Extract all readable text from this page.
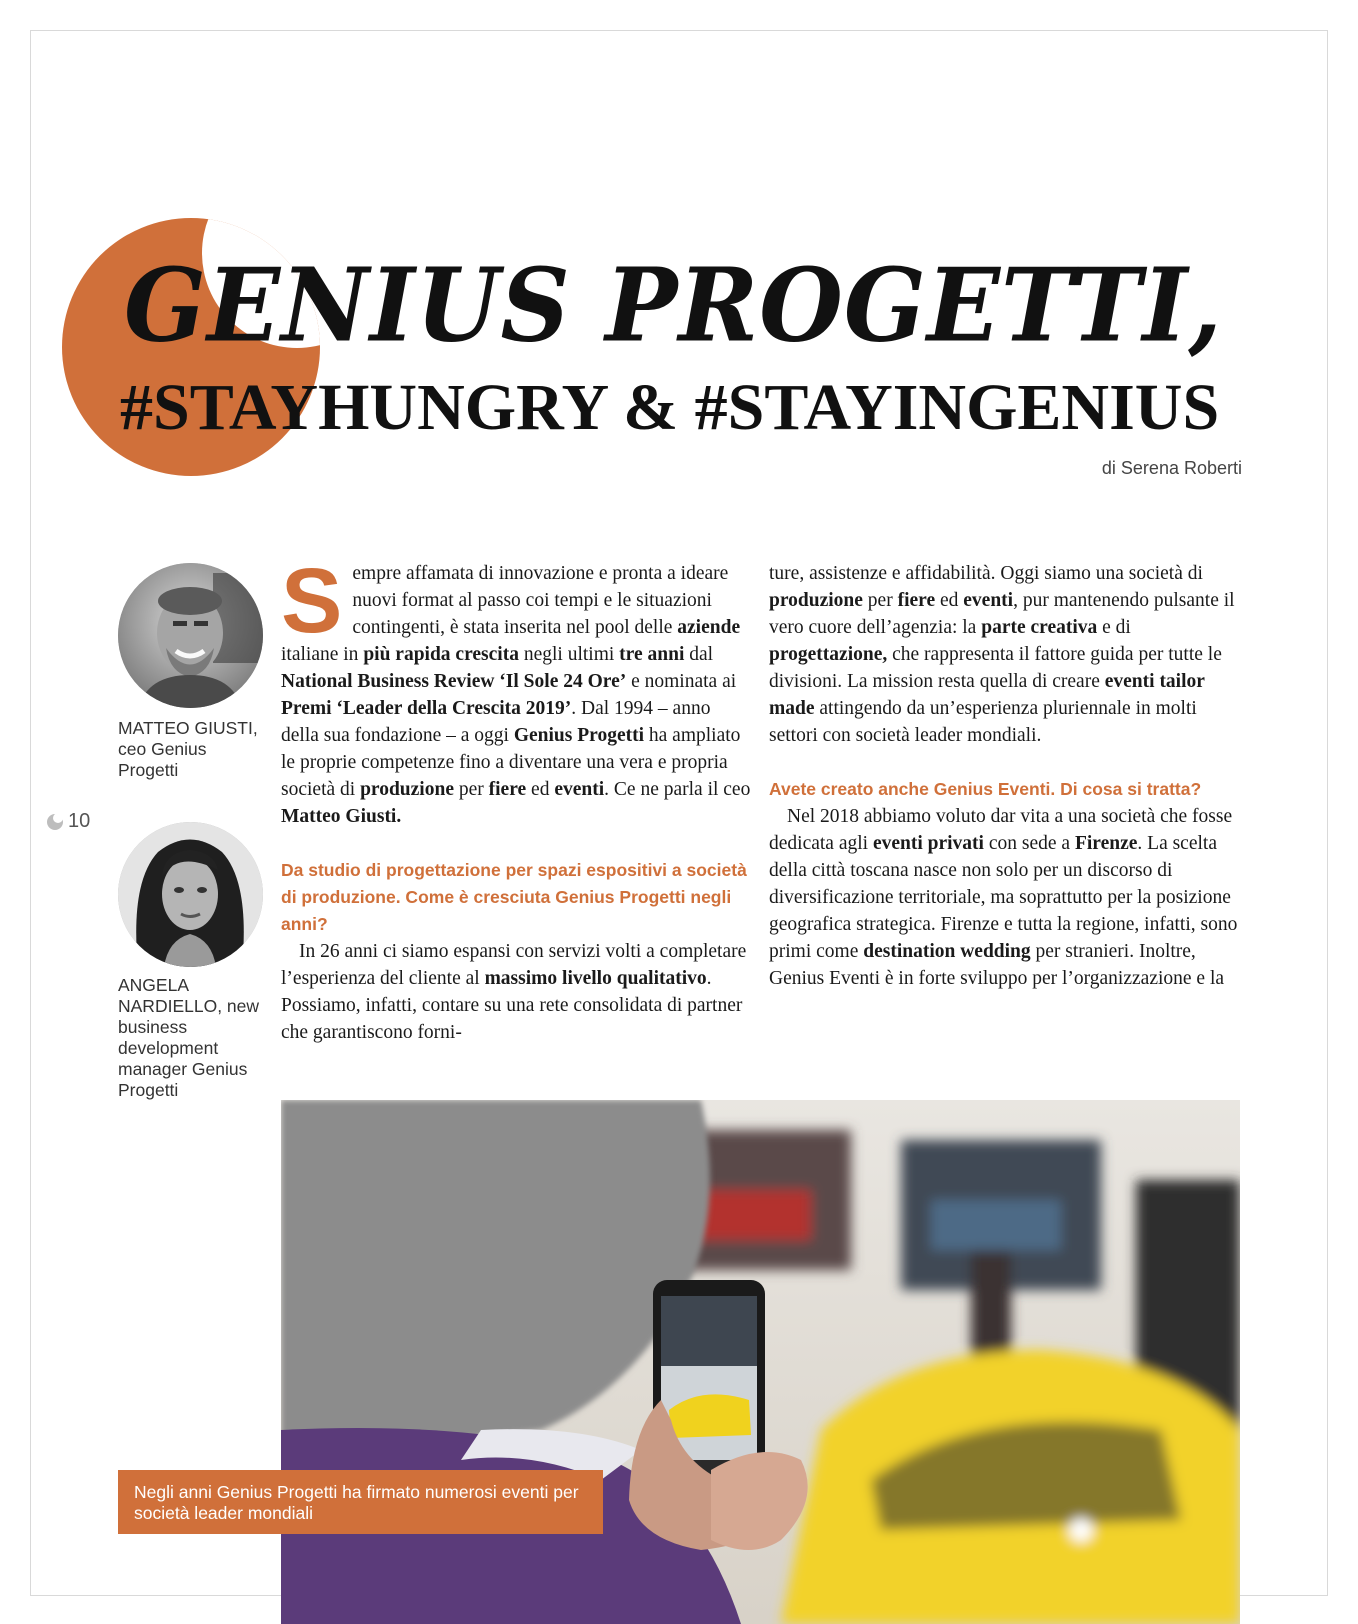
GENIUS PROGETTI,
#STAYHUNGRY & #STAYINGENIUS
di Serena Roberti
MATTEO GIUSTI, ceo Genius Progetti
10
ANGELA NARDIELLO, new business development manager Genius Progetti

S empre affamata di innovazione e pronta a ideare nuovi format al passo coi tempi e le situazioni contingenti, è stata inserita nel pool delle aziende italiane in più rapida crescita negli ultimi tre anni dal National Business Review ‘Il Sole 24 Ore’ e nominata ai Premi ‘Leader della Crescita 2019’. Dal 1994 – anno della sua fondazione – a oggi Genius Progetti ha ampliato le proprie competenze fino a diventare una vera e propria società di produzione per fiere ed eventi. Ce ne parla il ceo Matteo Giusti.

Da studio di progettazione per spazi espositivi a società di produzione. Come è cresciuta Genius Progetti negli anni?

In 26 anni ci siamo espansi con servizi volti a completare l’esperienza del cliente al massimo livello qualitativo. Possiamo, infatti, contare su una rete consolidata di partner che garantiscono forni-

ture, assistenze e affidabilità. Oggi siamo una società di produzione per fiere ed eventi, pur mantenendo pulsante il vero cuore dell’agenzia: la parte creativa e di progettazione, che rappresenta il fattore guida per tutte le divisioni. La mission resta quella di creare eventi tailor made attingendo da un’esperienza pluriennale in molti settori con società leader mondiali.

Avete creato anche Genius Eventi. Di cosa si tratta?

Nel 2018 abbiamo voluto dar vita a una società che fosse dedicata agli eventi privati con sede a Firenze. La scelta della città toscana nasce non solo per un discorso di diversificazione territoriale, ma soprattutto per la posizione geografica strategica. Firenze e tutta la regione, infatti, sono primi come destination wedding per stranieri. Inoltre, Genius Eventi è in forte sviluppo per l’organizzazione e la

Negli anni Genius Progetti ha firmato numerosi eventi per società leader mondiali
